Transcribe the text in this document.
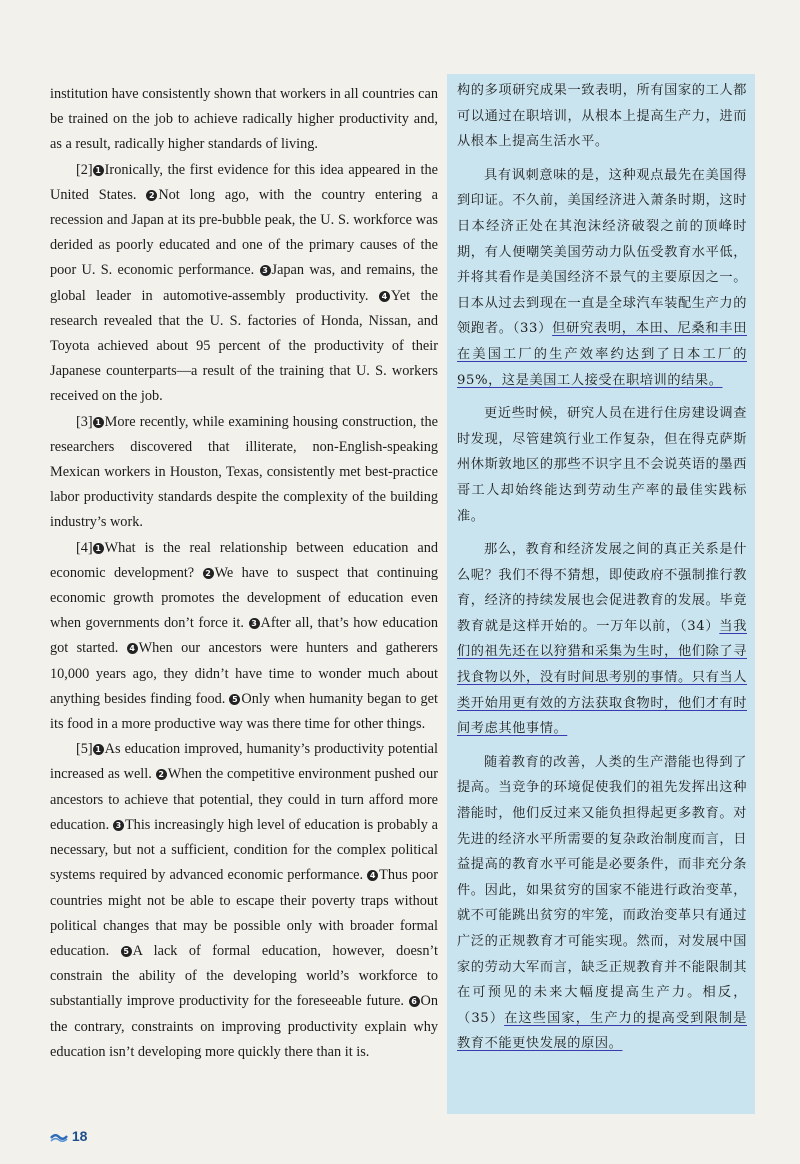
institution have consistently shown that workers in all countries can be trained on the job to achieve radically higher productivity and, as a result, radically higher standards of living.

[2] 1 Ironically, the first evidence for this idea appeared in the United States. 2 Not long ago, with the country entering a recession and Japan at its pre-bubble peak, the U. S. workforce was derided as poorly educated and one of the primary causes of the poor U. S. economic performance. 3 Japan was, and remains, the global leader in automotive-assembly productivity. 4 Yet the research revealed that the U. S. factories of Honda, Nissan, and Toyota achieved about 95 percent of the productivity of their Japanese counterparts—a result of the training that U. S. workers received on the job.

[3] 1 More recently, while examining housing construction, the researchers discovered that illiterate, non-English-speaking Mexican workers in Houston, Texas, consistently met best-practice labor productivity standards despite the complexity of the building industry’s work.

[4] 1 What is the real relationship between education and economic development? 2 We have to suspect that continuing economic growth promotes the development of education even when governments don’t force it. 3 After all, that’s how education got started. 4 When our ancestors were hunters and gatherers 10,000 years ago, they didn’t have time to wonder much about anything besides finding food. 5 Only when humanity began to get its food in a more productive way was there time for other things.

[5] 1 As education improved, humanity’s productivity potential increased as well. 2 When the competitive environment pushed our ancestors to achieve that potential, they could in turn afford more education. 3 This increasingly high level of education is probably a necessary, but not a sufficient, condition for the complex political systems required by advanced economic performance. 4 Thus poor countries might not be able to escape their poverty traps without political changes that may be possible only with broader formal education. 5 A lack of formal education, however, doesn’t constrain the ability of the developing world’s workforce to substantially improve productivity for the foreseeable future. 6 On the contrary, constraints on improving productivity explain why education isn’t developing more quickly there than it is.

构的多项研究成果一致表明，所有国家的工人都可以通过在职培训，从根本上提高生产力，进而从根本上提高生活水平。

具有讽刺意味的是，这种观点最先在美国得到印证。不久前，美国经济进入萧条时期，这时日本经济正处在其泡沫经济破裂之前的顶峰时期，有人便嘲笑美国劳动力队伍受教育水平低，并将其看作是美国经济不景气的主要原因之一。日本从过去到现在一直是全球汽车装配生产力的领跑者。（33）但研究表明，本田、尼桑和丰田在美国工厂的生产效率约达到了日本工厂的95%，这是美国工人接受在职培训的结果。

更近些时候，研究人员在进行住房建设调查时发现，尽管建筑行业工作复杂，但在得克萨斯州休斯敦地区的那些不识字且不会说英语的墨西哥工人却始终能达到劳动生产率的最佳实践标准。

那么，教育和经济发展之间的真正关系是什么呢？我们不得不猜想，即使政府不强制推行教育，经济的持续发展也会促进教育的发展。毕竟教育就是这样开始的。一万年以前，（34）当我们的祖先还在以狩猎和采集为生时，他们除了寻找食物以外，没有时间思考别的事情。只有当人类开始用更有效的方法获取食物时，他们才有时间考虑其他事情。

随着教育的改善，人类的生产潜能也得到了提高。当竞争的环境促使我们的祖先发挥出这种潜能时，他们反过来又能负担得起更多教育。对先进的经济水平所需要的复杂政治制度而言，日益提高的教育水平可能是必要条件，而非充分条件。因此，如果贫穷的国家不能进行政治变革，就不可能跳出贫穷的牢笼，而政治变革只有通过广泛的正规教育才可能实现。然而，对发展中国家的劳动大军而言，缺乏正规教育并不能限制其在可预见的未来大幅度提高生产力。相反，（35）在这些国家，生产力的提高受到限制是教育不能更快发展的原因。

18
